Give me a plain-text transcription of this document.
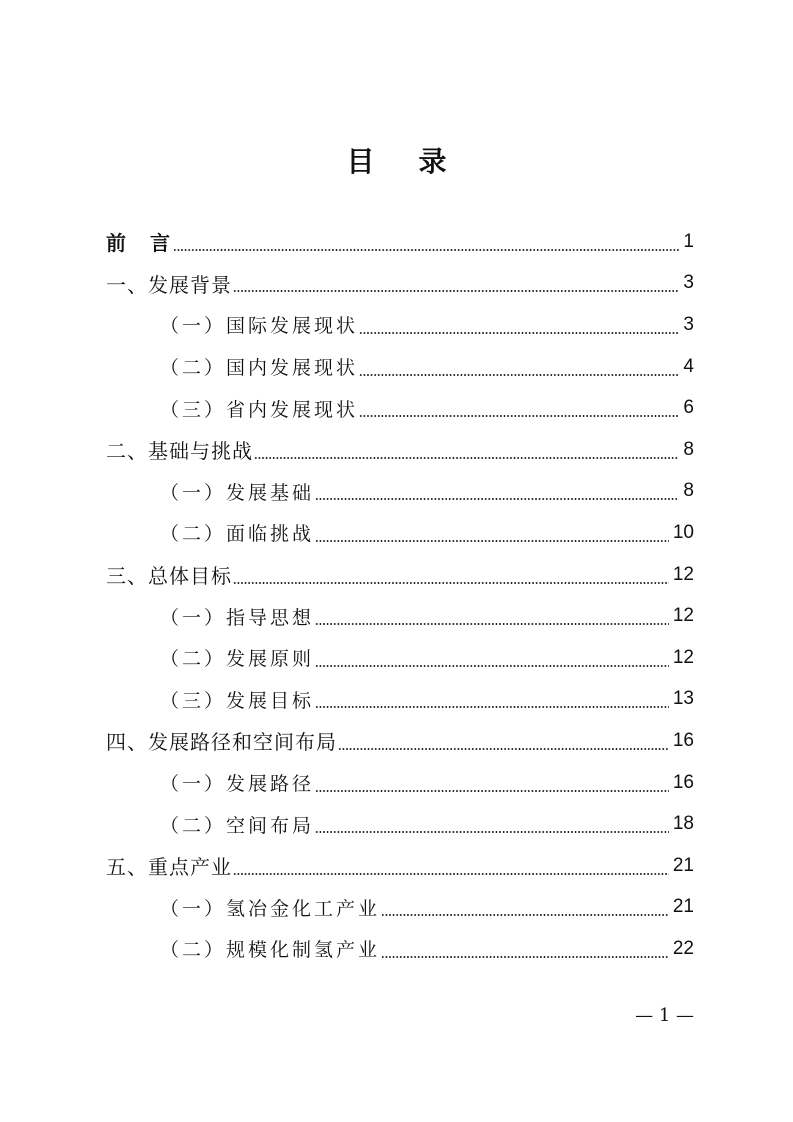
目　录
前　言	1
一、发展背景	3
（一）国际发展现状	3
（二）国内发展现状	4
（三）省内发展现状	6
二、基础与挑战	8
（一）发展基础	8
（二）面临挑战	10
三、总体目标	12
（一）指导思想	12
（二）发展原则	12
（三）发展目标	13
四、发展路径和空间布局	16
（一）发展路径	16
（二）空间布局	18
五、重点产业	21
（一）氢冶金化工产业	21
（二）规模化制氢产业	22
— 1 —
